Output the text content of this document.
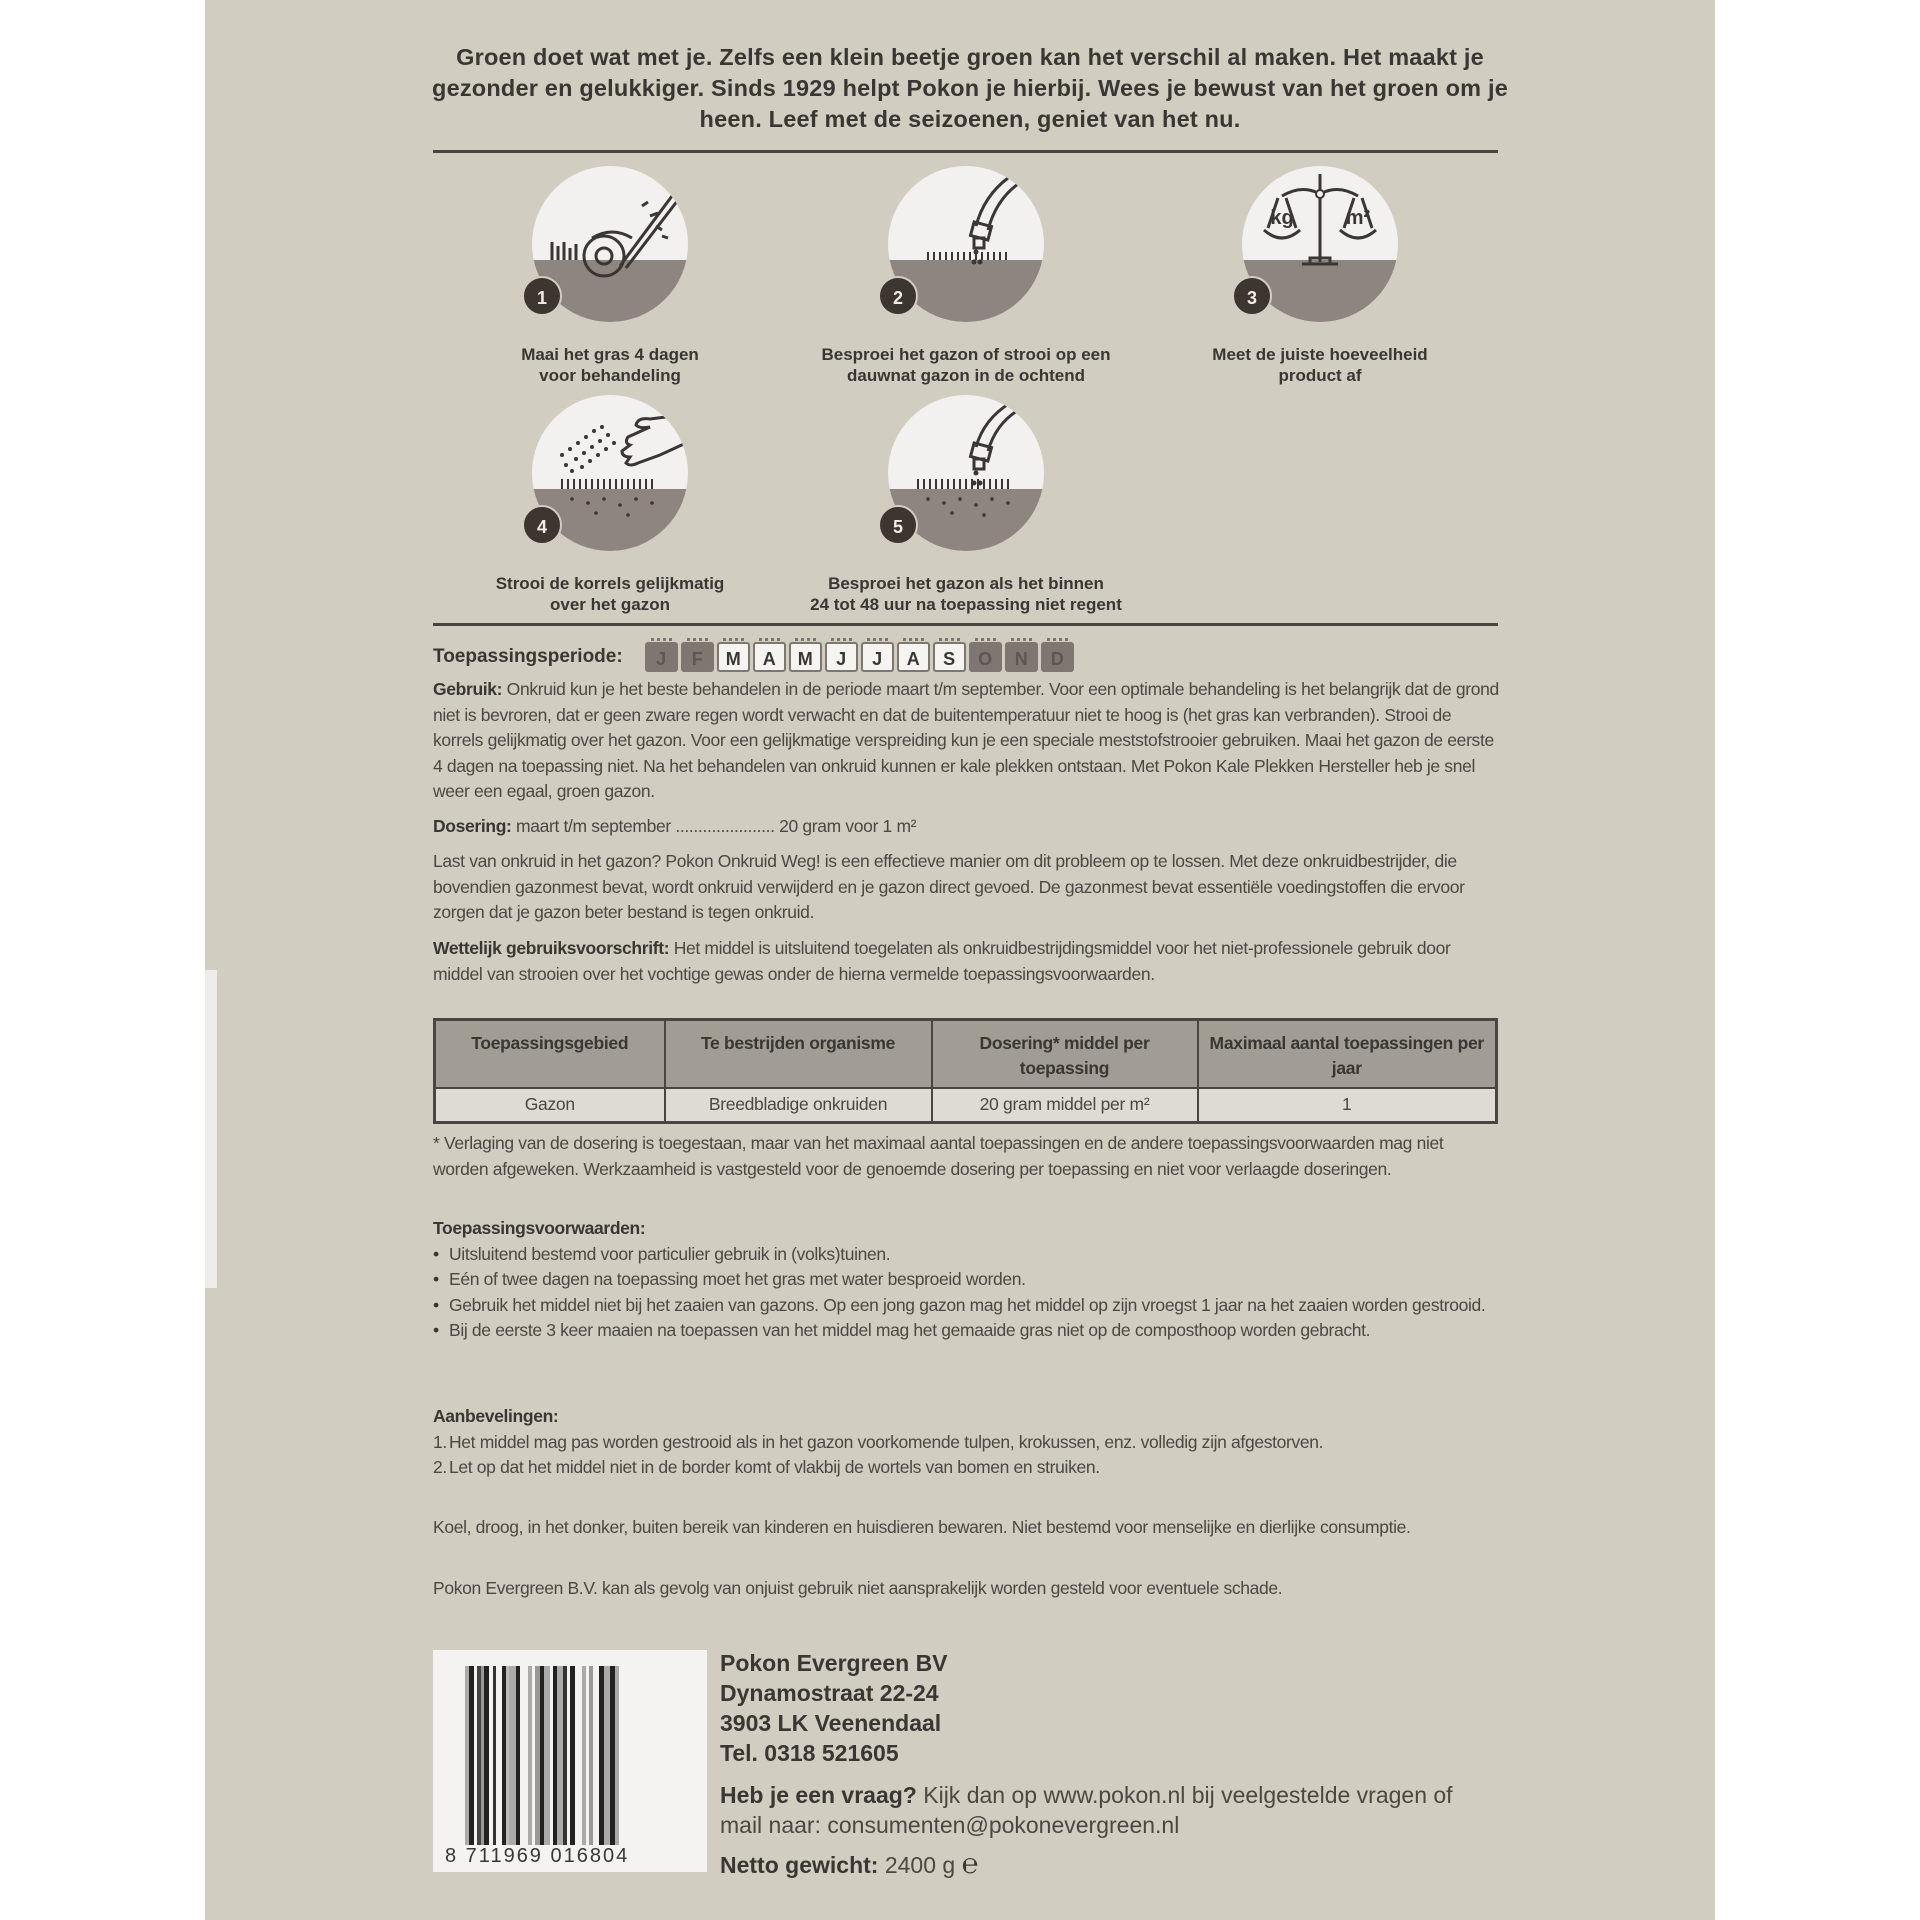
Groen doet wat met je. Zelfs een klein beetje groen kan het verschil al maken. Het maakt je gezonder en gelukkiger. Sinds 1929 helpt Pokon je hierbij. Wees je bewust van het groen om je heen. Leef met de seizoenen, geniet van het nu.

1
Maai het gras 4 dagen
voor behandeling
2
Besproei het gazon of strooi op een
dauwnat gazon in de ochtend
kg	m²
3
Meet de juiste hoeveelheid
product af
4
Strooi de korrels gelijkmatig
over het gazon
5
Besproei het gazon als het binnen
24 tot 48 uur na toepassing niet regent
Toepassingsperiode:	J	F	M	A	M	J	J	A	S	O	N	D

Gebruik: Onkruid kun je het beste behandelen in de periode maart t/m september. Voor een optimale behandeling is het belangrijk dat de grond niet is bevroren, dat er geen zware regen wordt verwacht en dat de buitentemperatuur niet te hoog is (het gras kan verbranden). Strooi de korrels gelijkmatig over het gazon. Voor een gelijkmatige verspreiding kun je een speciale meststofstrooier gebruiken. Maai het gazon de eerste 4 dagen na toepassing niet. Na het behandelen van onkruid kunnen er kale plekken ontstaan. Met Pokon Kale Plekken Hersteller heb je snel weer een egaal, groen gazon.

Dosering: maart t/m september ...................... 20 gram voor 1 m²

Last van onkruid in het gazon? Pokon Onkruid Weg! is een effectieve manier om dit probleem op te lossen. Met deze onkruidbestrijder, die bovendien gazonmest bevat, wordt onkruid verwijderd en je gazon direct gevoed. De gazonmest bevat essentiële voedingstoffen die ervoor zorgen dat je gazon beter bestand is tegen onkruid.

Wettelijk gebruiksvoorschrift: Het middel is uitsluitend toegelaten als onkruidbestrijdingsmiddel voor het niet-professionele gebruik door middel van strooien over het vochtige gewas onder de hierna vermelde toepassingsvoorwaarden.

Toepassingsgebied	Te bestrijden organisme	Dosering* middel per toepassing	Maximaal aantal toepassingen per jaar
Gazon	Breedbladige onkruiden	20 gram middel per m²	1

* Verlaging van de dosering is toegestaan, maar van het maximaal aantal toepassingen en de andere toepassingsvoorwaarden mag niet worden afgeweken. Werkzaamheid is vastgesteld voor de genoemde dosering per toepassing en niet voor verlaagde doseringen.

Toepassingsvoorwaarden:
• Uitsluitend bestemd voor particulier gebruik in (volks)tuinen.
• Eén of twee dagen na toepassing moet het gras met water besproeid worden.
• Gebruik het middel niet bij het zaaien van gazons. Op een jong gazon mag het middel op zijn vroegst 1 jaar na het zaaien worden gestrooid.
• Bij de eerste 3 keer maaien na toepassen van het middel mag het gemaaide gras niet op de composthoop worden gebracht.
Aanbevelingen:
1. Het middel mag pas worden gestrooid als in het gazon voorkomende tulpen, krokussen, enz. volledig zijn afgestorven.
2. Let op dat het middel niet in de border komt of vlakbij de wortels van bomen en struiken.

Koel, droog, in het donker, buiten bereik van kinderen en huisdieren bewaren. Niet bestemd voor menselijke en dierlijke consumptie.

Pokon Evergreen B.V. kan als gevolg van onjuist gebruik niet aansprakelijk worden gesteld voor eventuele schade.

8 711969 016804
Pokon Evergreen BV
Dynamostraat 22-24
3903 LK Veenendaal
Tel. 0318 521605
Heb je een vraag? Kijk dan op www.pokon.nl bij veelgestelde vragen of mail naar: consumenten@pokonevergreen.nl
Netto gewicht: 2400 g ℮
